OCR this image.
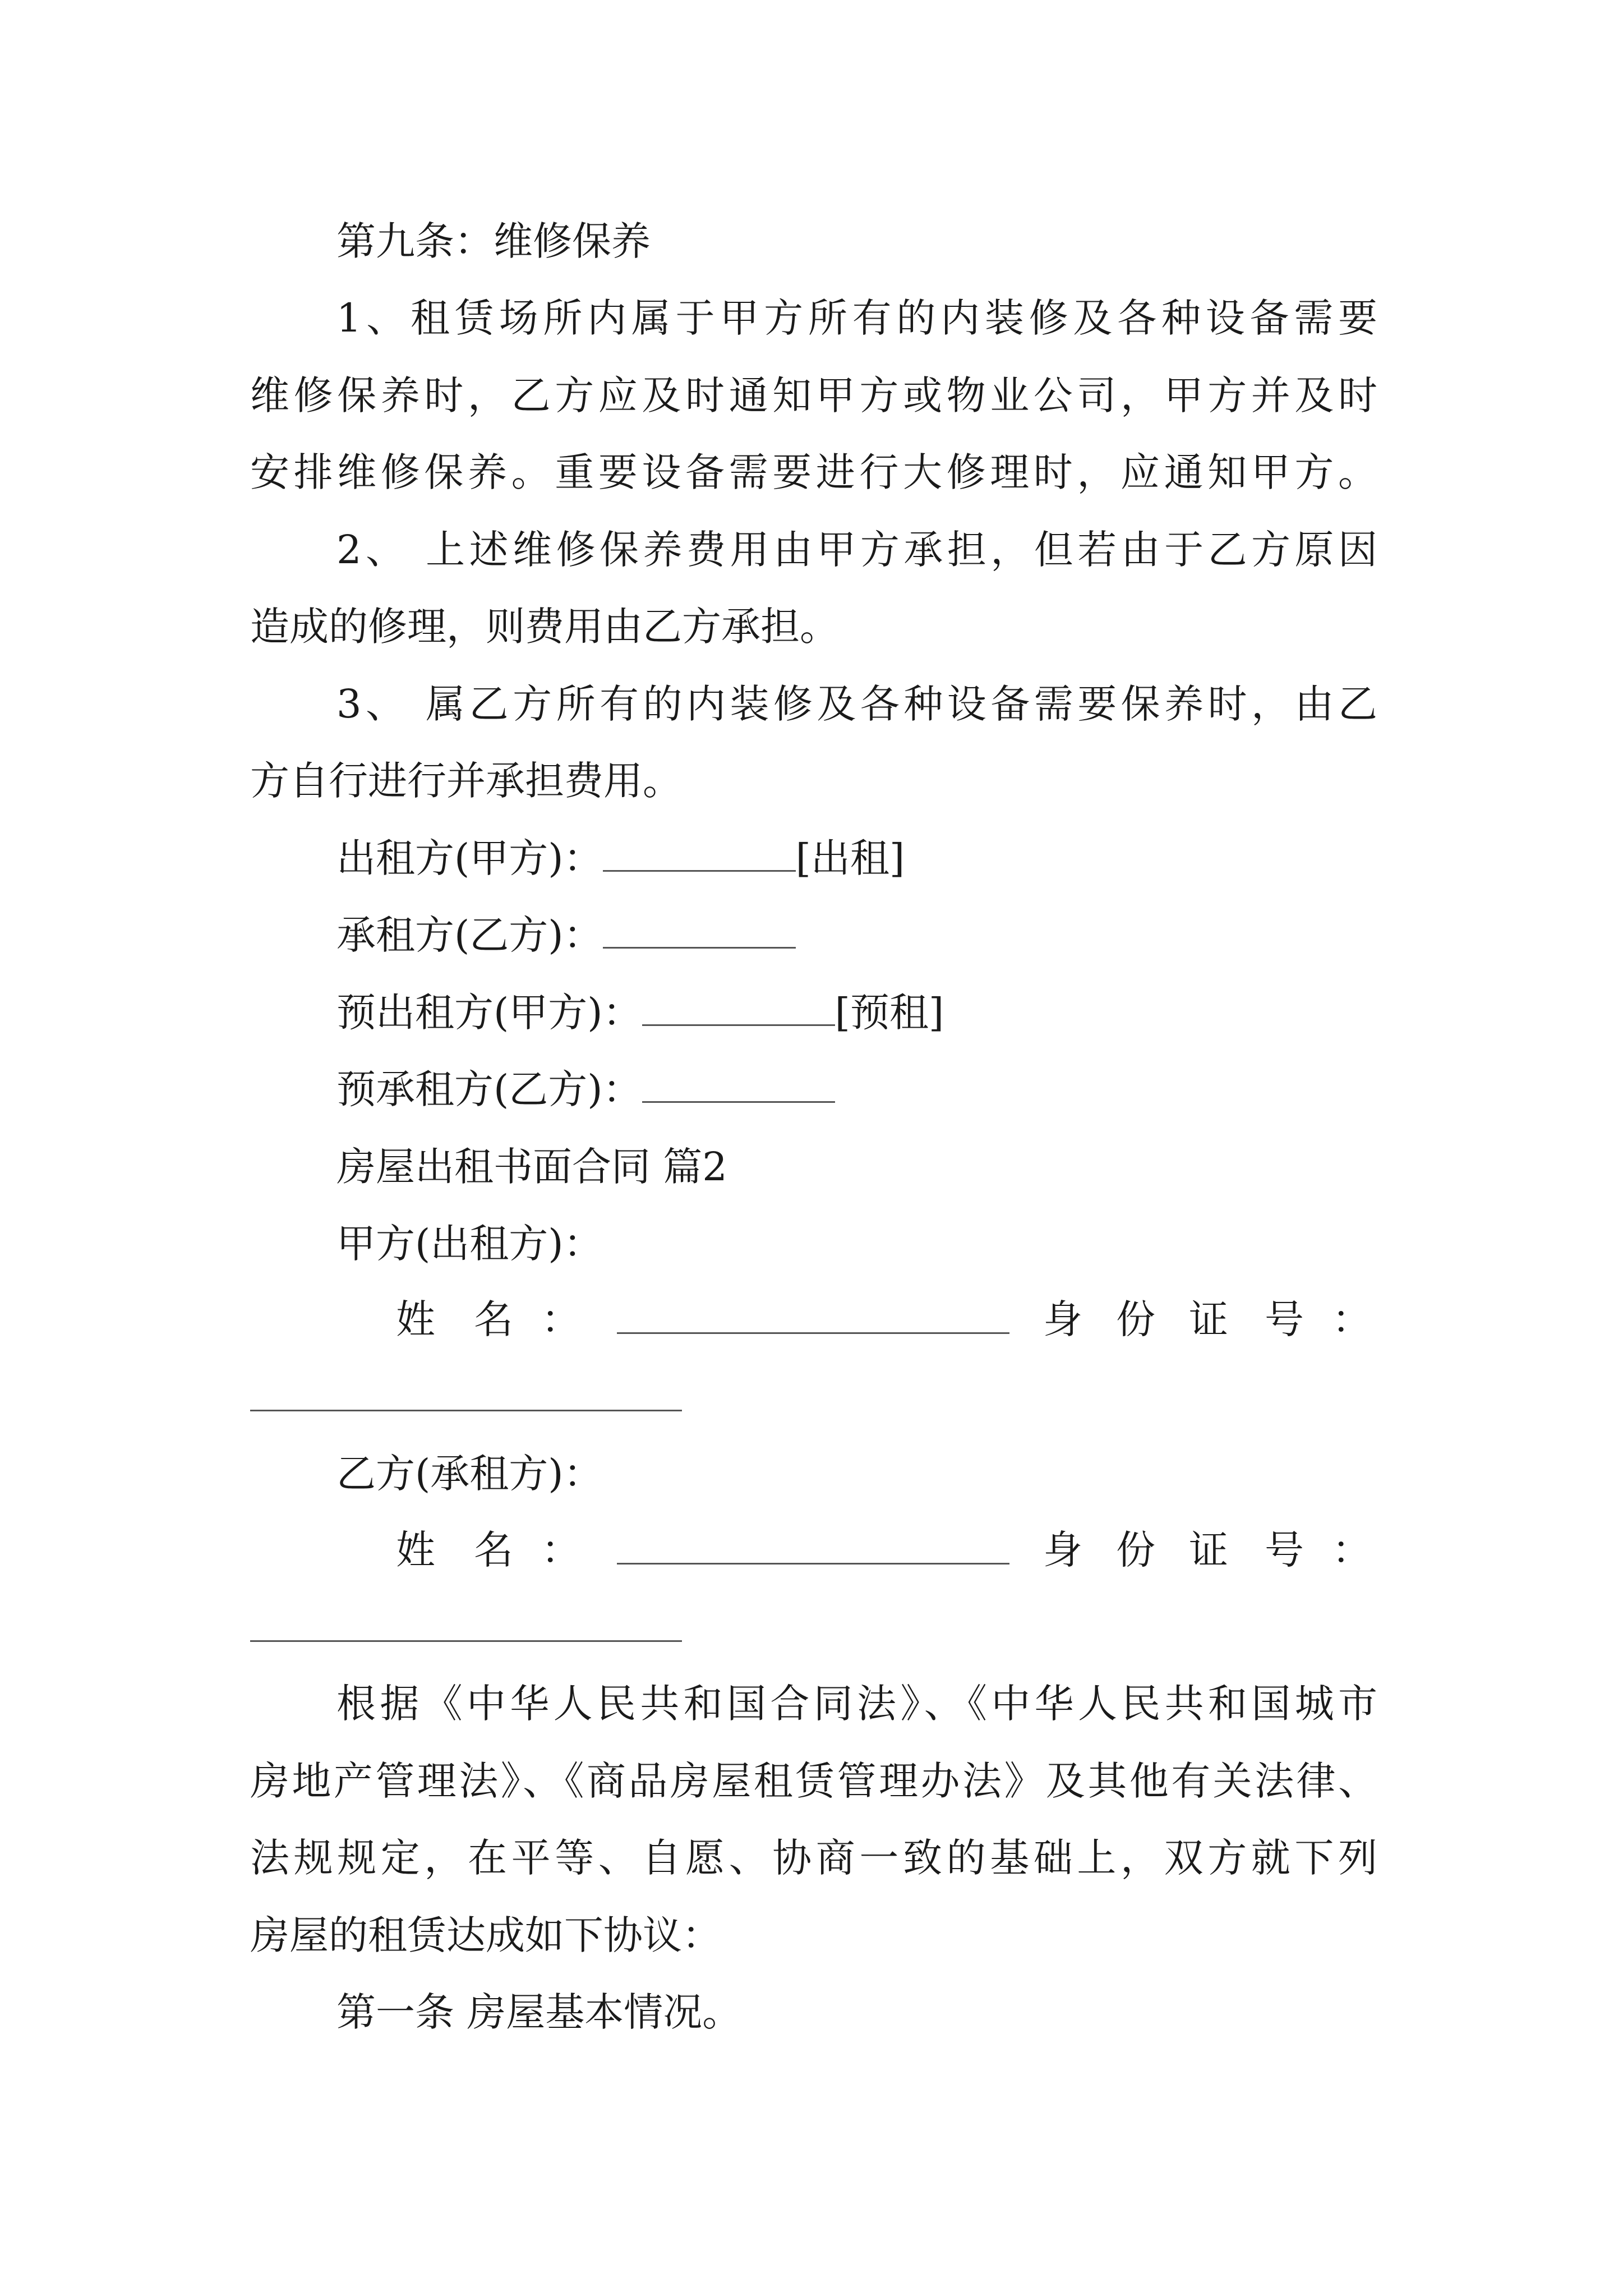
第九条：维修保养
1、租赁场所内属于甲方所有的内装修及各种设备需要
维修保养时，乙方应及时通知甲方或物业公司，甲方并及时
安排维修保养。重要设备需要进行大修理时，应通知甲方。
2、 上述维修保养费用由甲方承担，但若由于乙方原因
造成的修理，则费用由乙方承担。
3、 属乙方所有的内装修及各种设备需要保养时，由乙
方自行进行并承担费用。
出租方(甲方)：	[出租]
承租方(乙方)：
预出租方(甲方)：	[预租]
预承租方(乙方)：
房屋出租书面合同 篇2
甲方(出租方)：
姓 名 ：	身 份 证 号 ：
乙方(承租方)：
姓 名 ：	身 份 证 号 ：
根据《中华人民共和国合同法》、《中华人民共和国城市
房地产管理法》、《商品房屋租赁管理办法》及其他有关法律、
法规规定，在平等、自愿、协商一致的基础上，双方就下列
房屋的租赁达成如下协议：
第一条 房屋基本情况。
